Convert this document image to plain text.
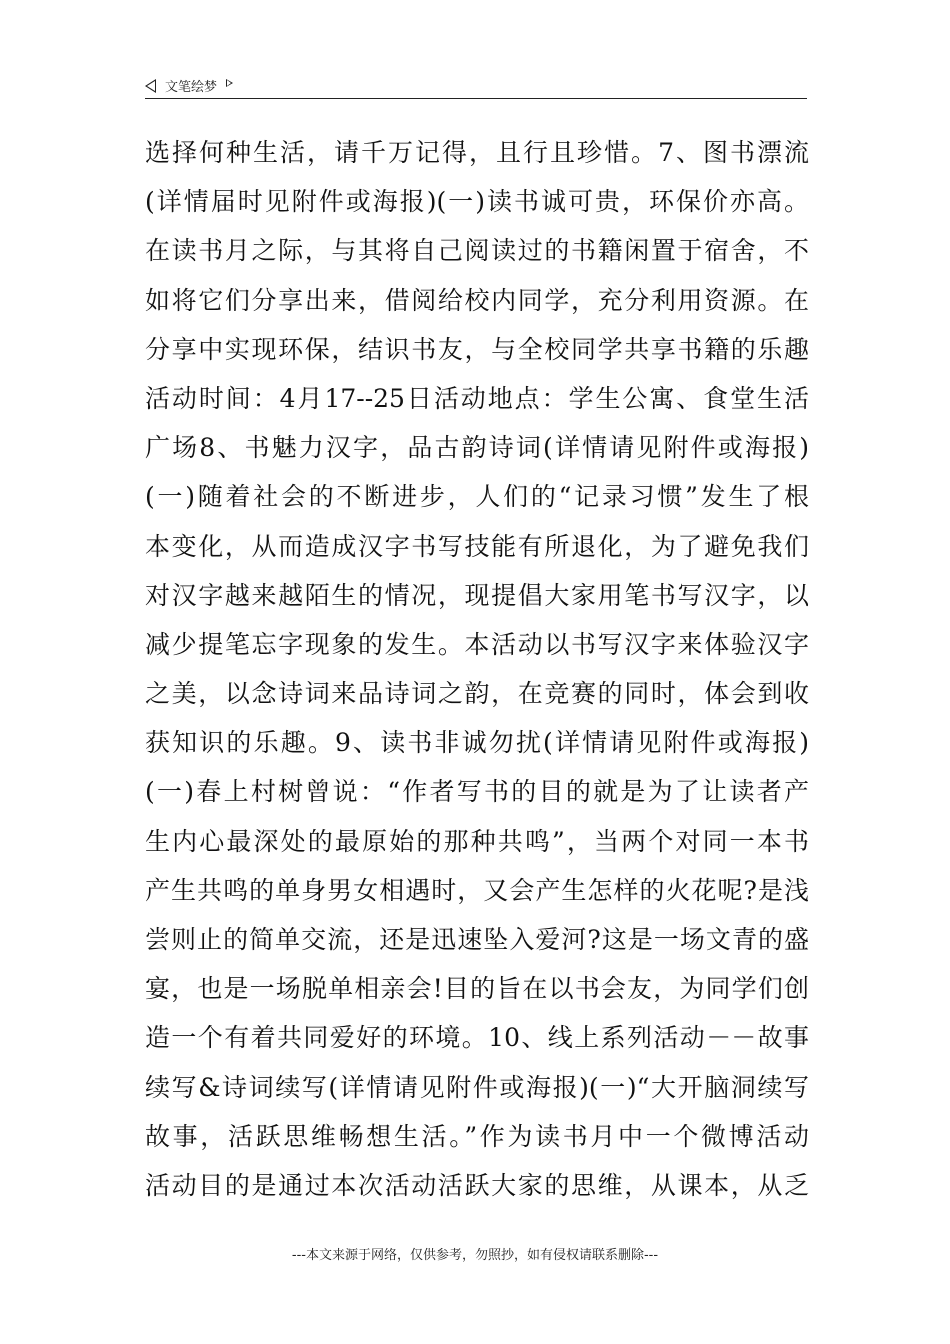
文笔绘梦
选择何种生活，请千万记得，且行且珍惜。7、图书漂流
(详情届时见附件或海报)(一)读书诚可贵，环保价亦高。
在读书月之际，与其将自己阅读过的书籍闲置于宿舍，不
如将它们分享出来，借阅给校内同学，充分利用资源。在
分享中实现环保，结识书友，与全校同学共享书籍的乐趣
活动时间：4月17--25日活动地点：学生公寓、食堂生活
广场8、书魅力汉字，品古韵诗词(详情请见附件或海报)
(一)随着社会的不断进步，人们的“记录习惯”发生了根
本变化，从而造成汉字书写技能有所退化，为了避免我们
对汉字越来越陌生的情况，现提倡大家用笔书写汉字，以
减少提笔忘字现象的发生。本活动以书写汉字来体验汉字
之美，以念诗词来品诗词之韵，在竞赛的同时，体会到收
获知识的乐趣。9、读书非诚勿扰(详情请见附件或海报)
(一)春上村树曾说：“作者写书的目的就是为了让读者产
生内心最深处的最原始的那种共鸣”，当两个对同一本书
产生共鸣的单身男女相遇时，又会产生怎样的火花呢?是浅
尝则止的简单交流，还是迅速坠入爱河?这是一场文青的盛
宴，也是一场脱单相亲会!目的旨在以书会友，为同学们创
造一个有着共同爱好的环境。10、线上系列活动－－故事
续写&诗词续写(详情请见附件或海报)(一)“大开脑洞续写
故事，活跃思维畅想生活。”作为读书月中一个微博活动
活动目的是通过本次活动活跃大家的思维，从课本，从乏
---本文来源于网络，仅供参考，勿照抄，如有侵权请联系删除---
